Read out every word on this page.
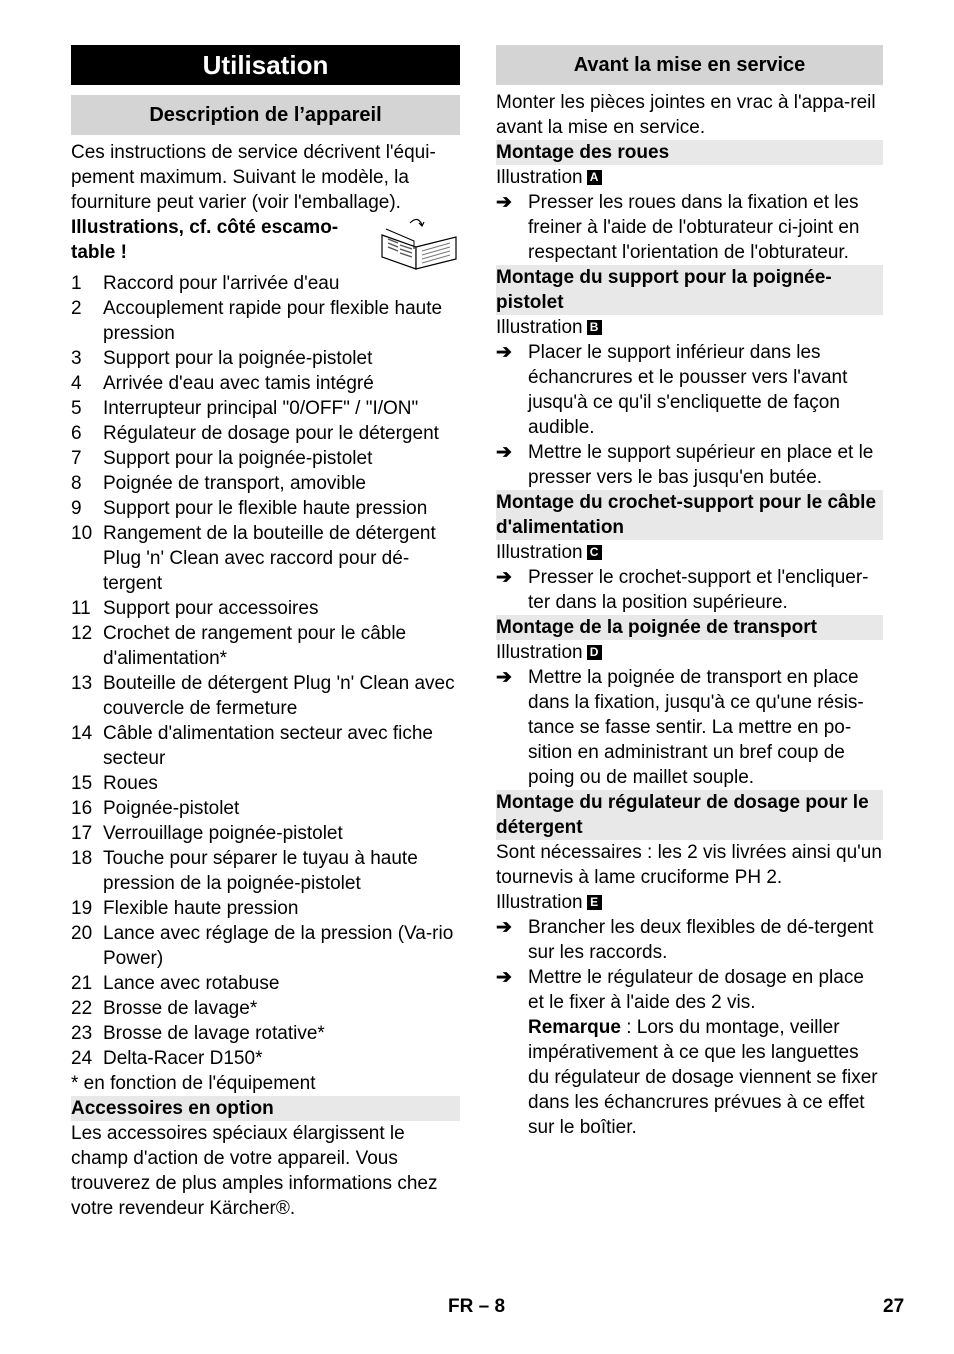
Utilisation
Description de l’appareil

Ces instructions de service décrivent l'équi-pement maximum. Suivant le modèle, la fourniture peut varier (voir l'emballage).

Illustrations, cf. côté escamo-table !

1	Raccord pour l'arrivée d'eau
2	Accouplement rapide pour flexible haute pression
3	Support pour la poignée-pistolet
4	Arrivée d'eau avec tamis intégré
5	Interrupteur principal "0/OFF" / "I/ON"
6	Régulateur de dosage pour le détergent
7	Support pour la poignée-pistolet
8	Poignée de transport, amovible
9	Support pour le flexible haute pression
10 Rangement de la bouteille de détergent Plug 'n' Clean avec raccord pour dé-tergent
11 Support pour accessoires
12 Crochet de rangement pour le câble d'alimentation*
13 Bouteille de détergent Plug 'n' Clean avec couvercle de fermeture
14 Câble d'alimentation secteur avec fiche secteur
15 Roues
16 Poignée-pistolet
17 Verrouillage poignée-pistolet
18 Touche pour séparer le tuyau à haute pression de la poignée-pistolet
19 Flexible haute pression
20 Lance avec réglage de la pression (Va-rio Power)
21 Lance avec rotabuse
22 Brosse de lavage*
23 Brosse de lavage rotative*
24 Delta-Racer D150*

* en fonction de l'équipement

Accessoires en option

Les accessoires spéciaux élargissent le champ d'action de votre appareil. Vous trouverez de plus amples informations chez votre revendeur Kärcher®.

Avant la mise en service

Monter les pièces jointes en vrac à l'appa-reil avant la mise en service.

Montage des roues

Illustration A

➔ Presser les roues dans la fixation et les freiner à l'aide de l'obturateur ci-joint en respectant l'orientation de l'obturateur.
Montage du support pour la poignée-pistolet

Illustration B

➔ Placer le support inférieur dans les échancrures et le pousser vers l'avant jusqu'à ce qu'il s'encliquette de façon audible.
➔ Mettre le support supérieur en place et le presser vers le bas jusqu'en butée.
Montage du crochet-support pour le câble d'alimentation

Illustration C

➔ Presser le crochet-support et l'encliquer-ter dans la position supérieure.
Montage de la poignée de transport

Illustration D

➔ Mettre la poignée de transport en place dans la fixation, jusqu'à ce qu'une résis-tance se fasse sentir. La mettre en po-sition en administrant un bref coup de poing ou de maillet souple.
Montage du régulateur de dosage pour le détergent

Sont nécessaires : les 2 vis livrées ainsi qu'un tournevis à lame cruciforme PH 2.

Illustration E

➔ Brancher les deux flexibles de dé-tergent sur les raccords.
➔ Mettre le régulateur de dosage en place et le fixer à l'aide des 2 vis.
Remarque : Lors du montage, veiller impérativement à ce que les languettes du régulateur de dosage viennent se fixer dans les échancrures prévues à ce effet sur le boîtier.
FR – 8	27
